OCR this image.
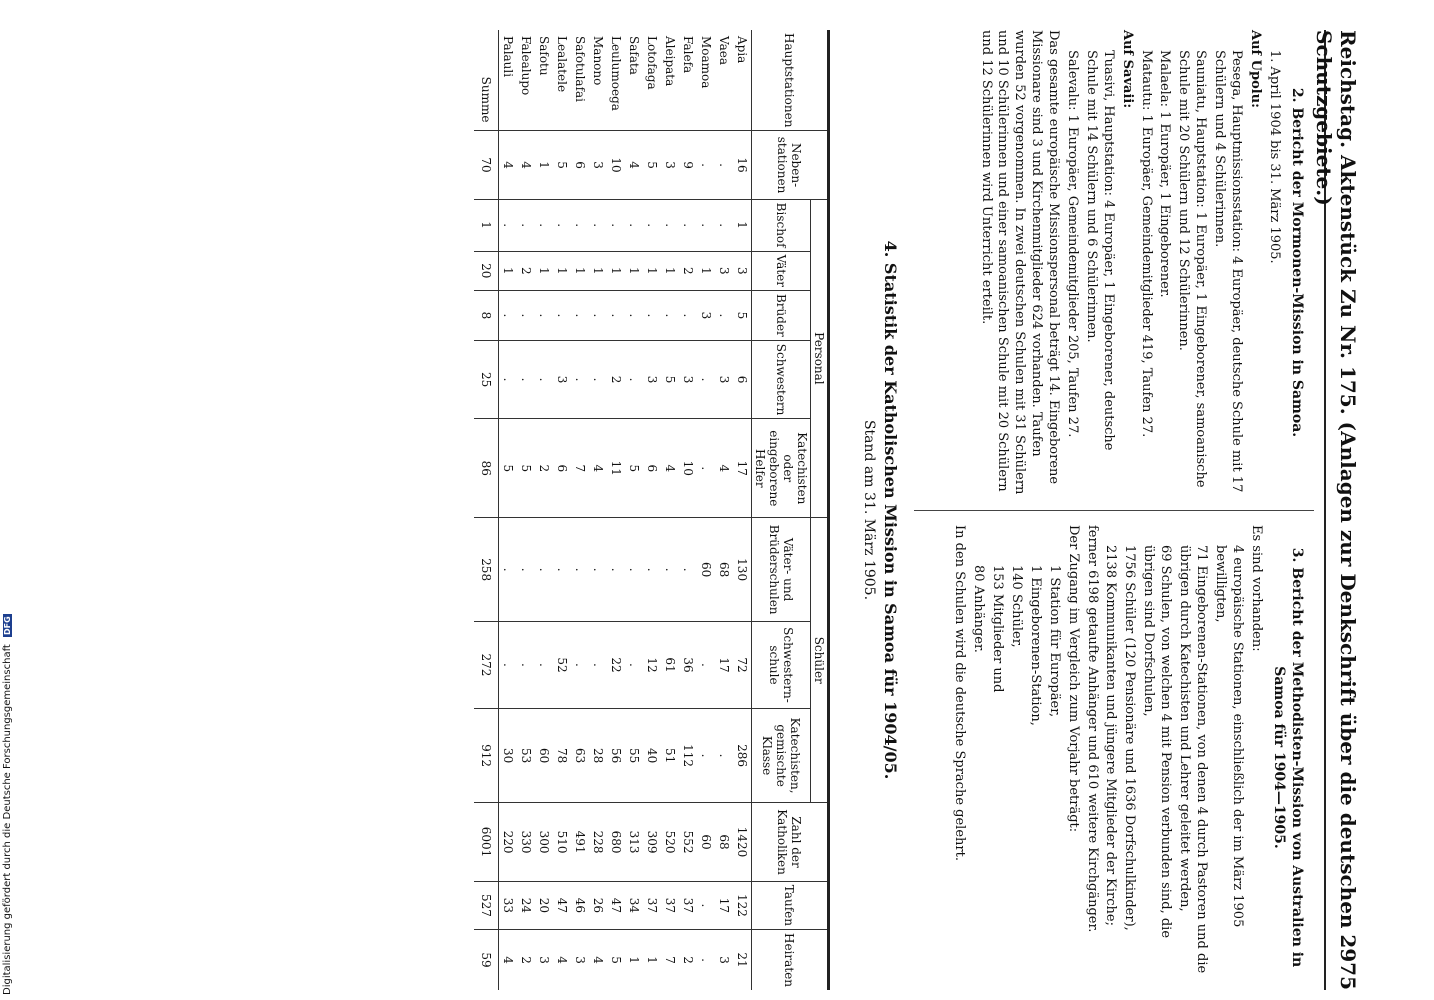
Digitalisierung gefördert durch die Deutsche Forschungsgemeinschaft DFG	Reichstag. Aktenstück Zu Nr. 175. (Anlagen zur Denkschrift über die deutschen Schutzgebiete.)
2975
2. Bericht der Mormonen-Mission in Samoa.

1. April 1904 bis 31. März 1905.

Auf Upolu:

Pesega, Hauptmissionsstation: 4 Europäer, deutsche Schule mit 17 Schülern und 4 Schülerinnen.

Sauniatu, Hauptstation: 1 Europäer, 1 Eingeborener, samoanische Schule mit 20 Schülern und 12 Schülerinnen.

Malaela: 1 Europäer, 1 Eingeborener.

Matautu: 1 Europäer, Gemeindemitglieder 419, Taufen 27.

Auf Savaii:

Tuasivi, Hauptstation: 4 Europäer, 1 Eingeborener, deutsche Schule mit 14 Schülern und 6 Schülerinnen.

Salevalu: 1 Europäer, Gemeindemitglieder 205, Taufen 27.

Das gesamte europäische Missionspersonal beträgt 14. Eingeborene Missionare sind 3 und Kirchenmitglieder 624 vorhanden. Taufen wurden 52 vorgenommen. In zwei deutschen Schulen mit 31 Schülern und 10 Schülerinnen und einer samoanischen Schule mit 20 Schülern und 12 Schülerinnen wird Unterricht erteilt.

3. Bericht der Methodisten-Mission von Australien in Samoa für 1904—1905.

Es sind vorhanden:

4 europäische Stationen, einschließlich der im März 1905 bewilligten,

71 Eingeborenen-Stationen, von denen 4 durch Pastoren und die übrigen durch Katechisten und Lehrer geleitet werden,

69 Schulen, von welchen 4 mit Pension verbunden sind, die übrigen sind Dorfschulen,

1756 Schüler (120 Pensionäre und 1636 Dorfschulkinder),

2138 Kommunikanten und jüngere Mitglieder der Kirche;

ferner 6198 getaufte Anhänger und 610 weitere Kirchgänger.

Der Zugang im Vergleich zum Vorjahr beträgt:

1 Station für Europäer,

1 Eingeborenen-Station,

140 Schüler,

153 Mitglieder und

80 Anhänger.

In den Schulen wird die deutsche Sprache gelehrt.

4. Statistik der Katholischen Mission in Samoa für 1904/05.
Stand am 31. März 1905.
Hauptstationen	Neben-stationen	Personal					Schüler			Zahl der Katholiken	Taufen	Heiraten
		Bischof	Väter	Brüder	Schwestern	Katechisten oder eingeborene Helfer	Väter- und Brüderschulen	Schwestern-schule	Katechisten, gemischte Klasse			
Apia	16	1	3	5	6	17	130	72	286	1420	122	21
Vaea	.	.	3	.	3	4	68	17	.	68	17	3
Moamoa	.	.	1	3	.	.	60	.	.	60	.	.
Falefa	9	.	2	.	3	10	.	36	112	552	37	2
Aleipata	3	.	1	.	5	4	.	61	51	520	37	7
Lotofaga	5	.	1	.	3	6	.	12	40	309	37	1
Safata	4	.	1	.	.	5	.	.	55	313	34	1
Leulumoega	10	.	1	.	2	11	.	22	56	680	47	5
Manono	3	.	1	.	.	4	.	.	28	228	26	4
Safotulafai	6	.	1	.	.	7	.	.	63	491	46	3
Lealatele	5	.	1	.	3	6	.	52	78	510	47	4
Safotu	1	.	1	.	.	2	.	.	60	300	20	3
Falealupo	4	.	2	.	.	5	.	.	53	330	24	2
Palauli	4	.	1	.	.	5	.	.	30	220	33	4
Summe	70	1	20	8	25	86	258	272	912	6001	527	59
